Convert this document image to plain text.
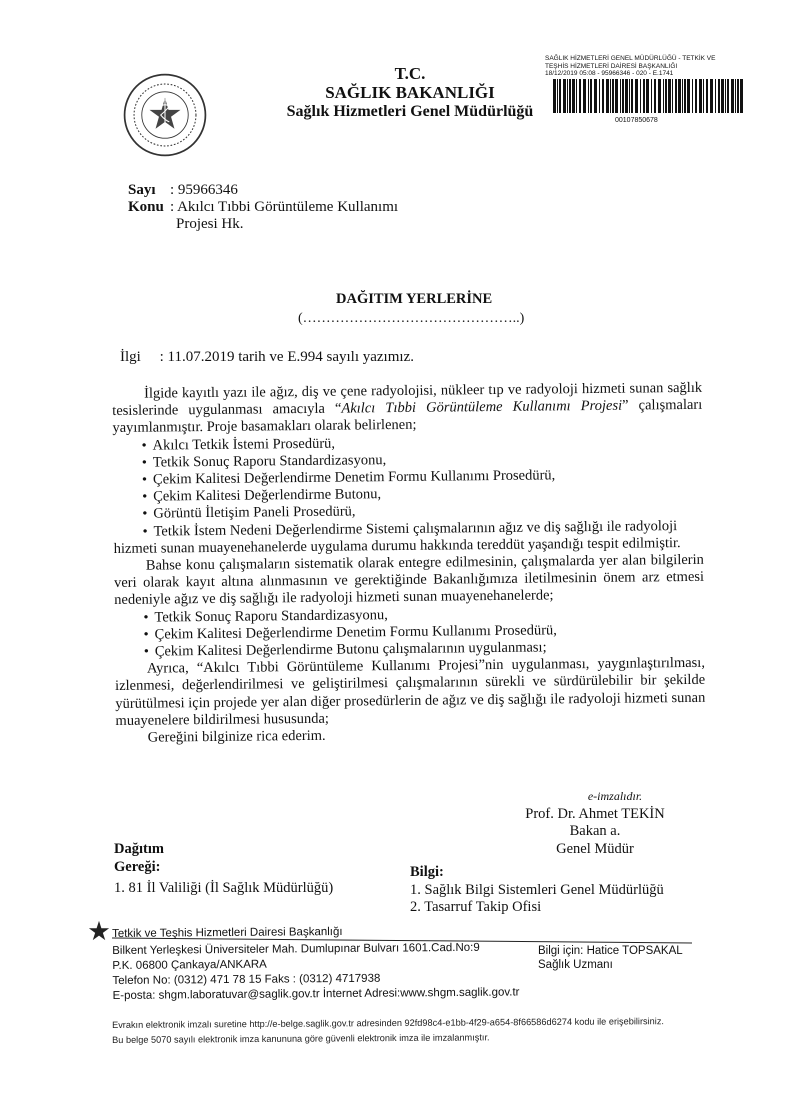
T.C.
SAĞLIK BAKANLIĞI
Sağlık Hizmetleri Genel Müdürlüğü
SAĞLIK HİZMETLERİ GENEL MÜDÜRLÜĞÜ - TETKİK VE
TEŞHİS HİZMETLERİ DAİRESİ BAŞKANLIĞI
18/12/2019 05:08 - 95966346 - 020 - E.1741
00107850678
Sayı : 95966346
Konu : Akılcı Tıbbi Görüntüleme Kullanımı
Projesi Hk.
DAĞITIM YERLERİNE
(………………………………………..)
İlgi     : 11.07.2019 tarih ve E.994 sayılı yazımız.

İlgide kayıtlı yazı ile ağız, diş ve çene radyolojisi, nükleer tıp ve radyoloji hizmeti sunan sağlık tesislerinde uygulanması amacıyla “Akılcı Tıbbi Görüntüleme Kullanımı Projesi” çalışmaları yayımlanmıştır. Proje basamakları olarak belirlenen;

• Akılcı Tetkik İstemi Prosedürü,
• Tetkik Sonuç Raporu Standardizasyonu,
• Çekim Kalitesi Değerlendirme Denetim Formu Kullanımı Prosedürü,
• Çekim Kalitesi Değerlendirme Butonu,
• Görüntü İletişim Paneli Prosedürü,
• Tetkik İstem Nedeni Değerlendirme Sistemi çalışmalarının ağız ve diş sağlığı ile radyoloji

hizmeti sunan muayenehanelerde uygulama durumu hakkında tereddüt yaşandığı tespit edilmiştir.

Bahse konu çalışmaların sistematik olarak entegre edilmesinin, çalışmalarda yer alan bilgilerin veri olarak kayıt altına alınmasının ve gerektiğinde Bakanlığımıza iletilmesinin önem arz etmesi nedeniyle ağız ve diş sağlığı ile radyoloji hizmeti sunan muayenehanelerde;

• Tetkik Sonuç Raporu Standardizasyonu,
• Çekim Kalitesi Değerlendirme Denetim Formu Kullanımı Prosedürü,
• Çekim Kalitesi Değerlendirme Butonu çalışmalarının uygulanması;

Ayrıca, “Akılcı Tıbbi Görüntüleme Kullanımı Projesi”nin uygulanması, yaygınlaştırılması, izlenmesi, değerlendirilmesi ve geliştirilmesi çalışmalarının sürekli ve sürdürülebilir bir şekilde yürütülmesi için projede yer alan diğer prosedürlerin de ağız ve diş sağlığı ile radyoloji hizmeti sunan muayenelere bildirilmesi hususunda;

Gereğini bilginize rica ederim.

e-imzalıdır.
Prof. Dr. Ahmet TEKİN
Bakan a.
Genel Müdür
Dağıtım
Gereği:
1. 81 İl Valiliği (İl Sağlık Müdürlüğü)
Bilgi:
1. Sağlık Bilgi Sistemleri Genel Müdürlüğü
2. Tasarruf Takip Ofisi
Tetkik ve Teşhis Hizmetleri Dairesi Başkanlığı
Bilkent Yerleşkesi Üniversiteler Mah. Dumlupınar Bulvarı 1601.Cad.No:9
P.K. 06800 Çankaya/ANKARA
Telefon No: (0312) 471 78 15 Faks : (0312) 4717938
E-posta: shgm.laboratuvar@saglik.gov.tr İnternet Adresi:www.shgm.saglik.gov.tr
Bilgi için: Hatice TOPSAKAL
Sağlık Uzmanı
Evrakın elektronik imzalı suretine http://e-belge.saglik.gov.tr adresinden 92fd98c4-e1bb-4f29-a654-8f66586d6274 kodu ile erişebilirsiniz.
Bu belge 5070 sayılı elektronik imza kanununa göre güvenli elektronik imza ile imzalanmıştır.
